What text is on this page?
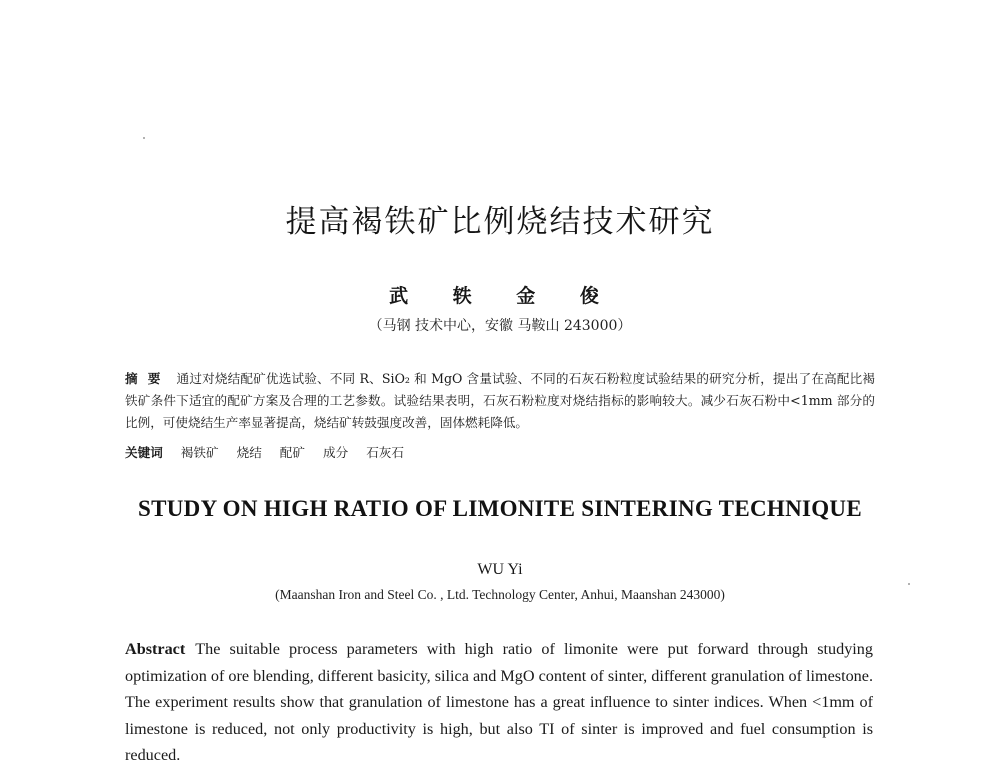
提高褐铁矿比例烧结技术研究
武 轶 金 俊
（马钢 技术中心，安徽 马鞍山 243000）
摘要 通过对烧结配矿优选试验、不同 R、SiO₂ 和 MgO 含量试验、不同的石灰石粉粒度试验结果的研究分析，提出了在高配比褐铁矿条件下适宜的配矿方案及合理的工艺参数。试验结果表明，石灰石粉粒度对烧结指标的影响较大。减少石灰石粉中<1mm 部分的比例，可使烧结生产率显著提高，烧结矿转鼓强度改善，固体燃耗降低。
关键词 褐铁矿 烧结 配矿 成分 石灰石
STUDY ON HIGH RATIO OF LIMONITE SINTERING TECHNIQUE
WU Yi
(Maanshan Iron and Steel Co. , Ltd. Technology Center, Anhui, Maanshan 243000)
Abstract The suitable process parameters with high ratio of limonite were put forward through studying optimization of ore blending, different basicity, silica and MgO content of sinter, different granulation of limestone. The experiment results show that granulation of limestone has a great influence to sinter indices. When <1mm of limestone is reduced, not only productivity is high, but also TI of sinter is improved and fuel consumption is reduced.
